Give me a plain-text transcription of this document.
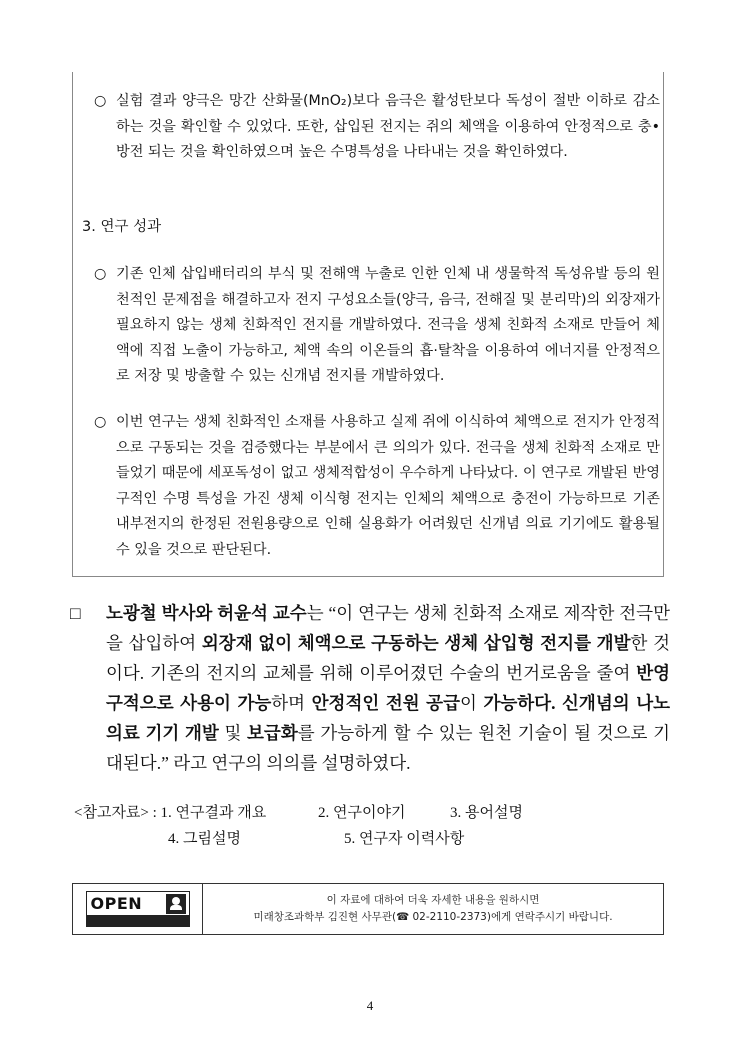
○ 실험 결과 양극은 망간 산화물(MnO₂)보다 음극은 활성탄보다 독성이 절반 이하로 감소하는 것을 확인할 수 있었다. 또한, 삽입된 전지는 쥐의 체액을 이용하여 안정적으로 충•방전 되는 것을 확인하였으며 높은 수명특성을 나타내는 것을 확인하였다.
3. 연구 성과
○ 기존 인체 삽입배터리의 부식 및 전해액 누출로 인한 인체 내 생물학적 독성유발 등의 원천적인 문제점을 해결하고자 전지 구성요소들(양극, 음극, 전해질 및 분리막)의 외장재가 필요하지 않는 생체 친화적인 전지를 개발하였다. 전극을 생체 친화적 소재로 만들어 체액에 직접 노출이 가능하고, 체액 속의 이온들의 흡·탈착을 이용하여 에너지를 안정적으로 저장 및 방출할 수 있는 신개념 전지를 개발하였다.
○ 이번 연구는 생체 친화적인 소재를 사용하고 실제 쥐에 이식하여 체액으로 전지가 안정적으로 구동되는 것을 검증했다는 부분에서 큰 의의가 있다. 전극을 생체 친화적 소재로 만들었기 때문에 세포독성이 없고 생체적합성이 우수하게 나타났다. 이 연구로 개발된 반영구적인 수명 특성을 가진 생체 이식형 전지는 인체의 체액으로 충전이 가능하므로 기존 내부전지의 한정된 전원용량으로 인해 실용화가 어려웠던 신개념 의료 기기에도 활용될 수 있을 것으로 판단된다.
□ 노광철 박사와 허윤석 교수는 “이 연구는 생체 친화적 소재로 제작한 전극만을 삽입하여 외장재 없이 체액으로 구동하는 생체 삽입형 전지를 개발한 것이다. 기존의 전지의 교체를 위해 이루어졌던 수술의 번거로움을 줄여 반영구적으로 사용이 가능하며 안정적인 전원 공급이 가능하다. 신개념의 나노 의료 기기 개발 및 보급화를 가능하게 할 수 있는 원천 기술이 될 것으로 기대된다.” 라고 연구의 의의를 설명하였다.
<참고자료> : 1. 연구결과 개요	2. 연구이야기	3. 용어설명
4. 그림설명	5. 연구자 이력사항
OPEN	이 자료에 대하여 더욱 자세한 내용을 원하시면
미래창조과학부 김진현 사무관(☎ 02-2110-2373)에게 연락주시기 바랍니다.
4
